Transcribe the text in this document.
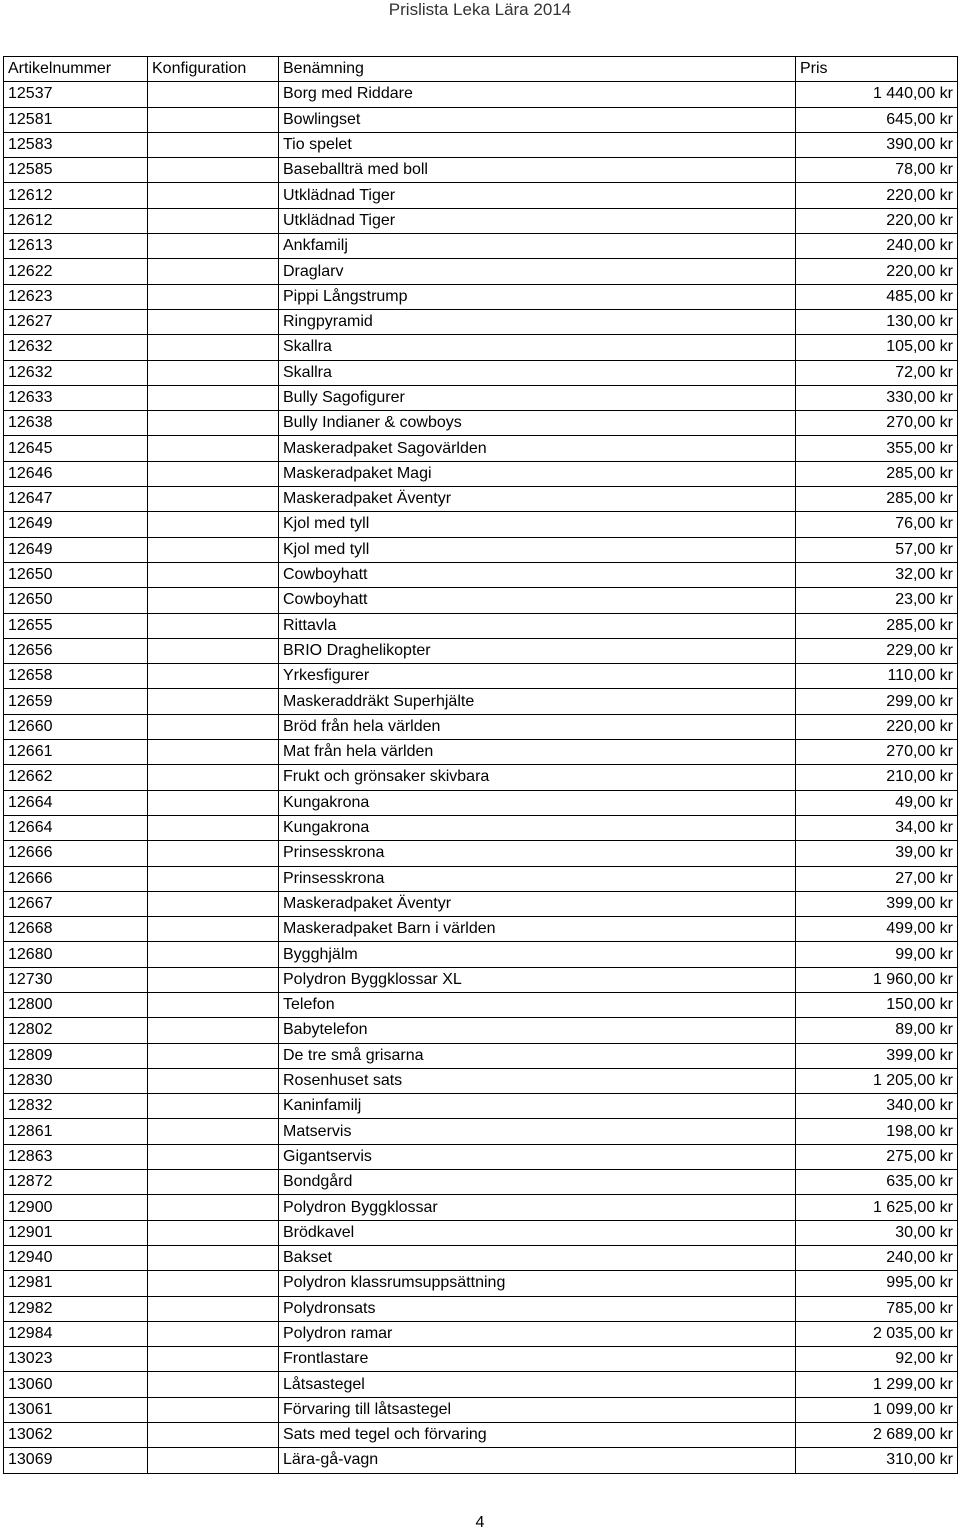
Prislista Leka Lära 2014
Artikelnummer	Konfiguration	Benämning	Pris
12537		Borg med Riddare	1 440,00 kr
12581		Bowlingset	645,00 kr
12583		Tio spelet	390,00 kr
12585		Baseballträ med boll	78,00 kr
12612		Utklädnad Tiger	220,00 kr
12612		Utklädnad Tiger	220,00 kr
12613		Ankfamilj	240,00 kr
12622		Draglarv	220,00 kr
12623		Pippi Långstrump	485,00 kr
12627		Ringpyramid	130,00 kr
12632		Skallra	105,00 kr
12632		Skallra	72,00 kr
12633		Bully Sagofigurer	330,00 kr
12638		Bully Indianer & cowboys	270,00 kr
12645		Maskeradpaket Sagovärlden	355,00 kr
12646		Maskeradpaket Magi	285,00 kr
12647		Maskeradpaket Äventyr	285,00 kr
12649		Kjol med tyll	76,00 kr
12649		Kjol med tyll	57,00 kr
12650		Cowboyhatt	32,00 kr
12650		Cowboyhatt	23,00 kr
12655		Rittavla	285,00 kr
12656		BRIO Draghelikopter	229,00 kr
12658		Yrkesfigurer	110,00 kr
12659		Maskeraddräkt Superhjälte	299,00 kr
12660		Bröd från hela världen	220,00 kr
12661		Mat från hela världen	270,00 kr
12662		Frukt och grönsaker skivbara	210,00 kr
12664		Kungakrona	49,00 kr
12664		Kungakrona	34,00 kr
12666		Prinsesskrona	39,00 kr
12666		Prinsesskrona	27,00 kr
12667		Maskeradpaket Äventyr	399,00 kr
12668		Maskeradpaket Barn i världen	499,00 kr
12680		Bygghjälm	99,00 kr
12730		Polydron Byggklossar XL	1 960,00 kr
12800		Telefon	150,00 kr
12802		Babytelefon	89,00 kr
12809		De tre små grisarna	399,00 kr
12830		Rosenhuset sats	1 205,00 kr
12832		Kaninfamilj	340,00 kr
12861		Matservis	198,00 kr
12863		Gigantservis	275,00 kr
12872		Bondgård	635,00 kr
12900		Polydron Byggklossar	1 625,00 kr
12901		Brödkavel	30,00 kr
12940		Bakset	240,00 kr
12981		Polydron klassrumsuppsättning	995,00 kr
12982		Polydronsats	785,00 kr
12984		Polydron ramar	2 035,00 kr
13023		Frontlastare	92,00 kr
13060		Låtsastegel	1 299,00 kr
13061		Förvaring till låtsastegel	1 099,00 kr
13062		Sats med tegel och förvaring	2 689,00 kr
13069		Lära-gå-vagn	310,00 kr
4
